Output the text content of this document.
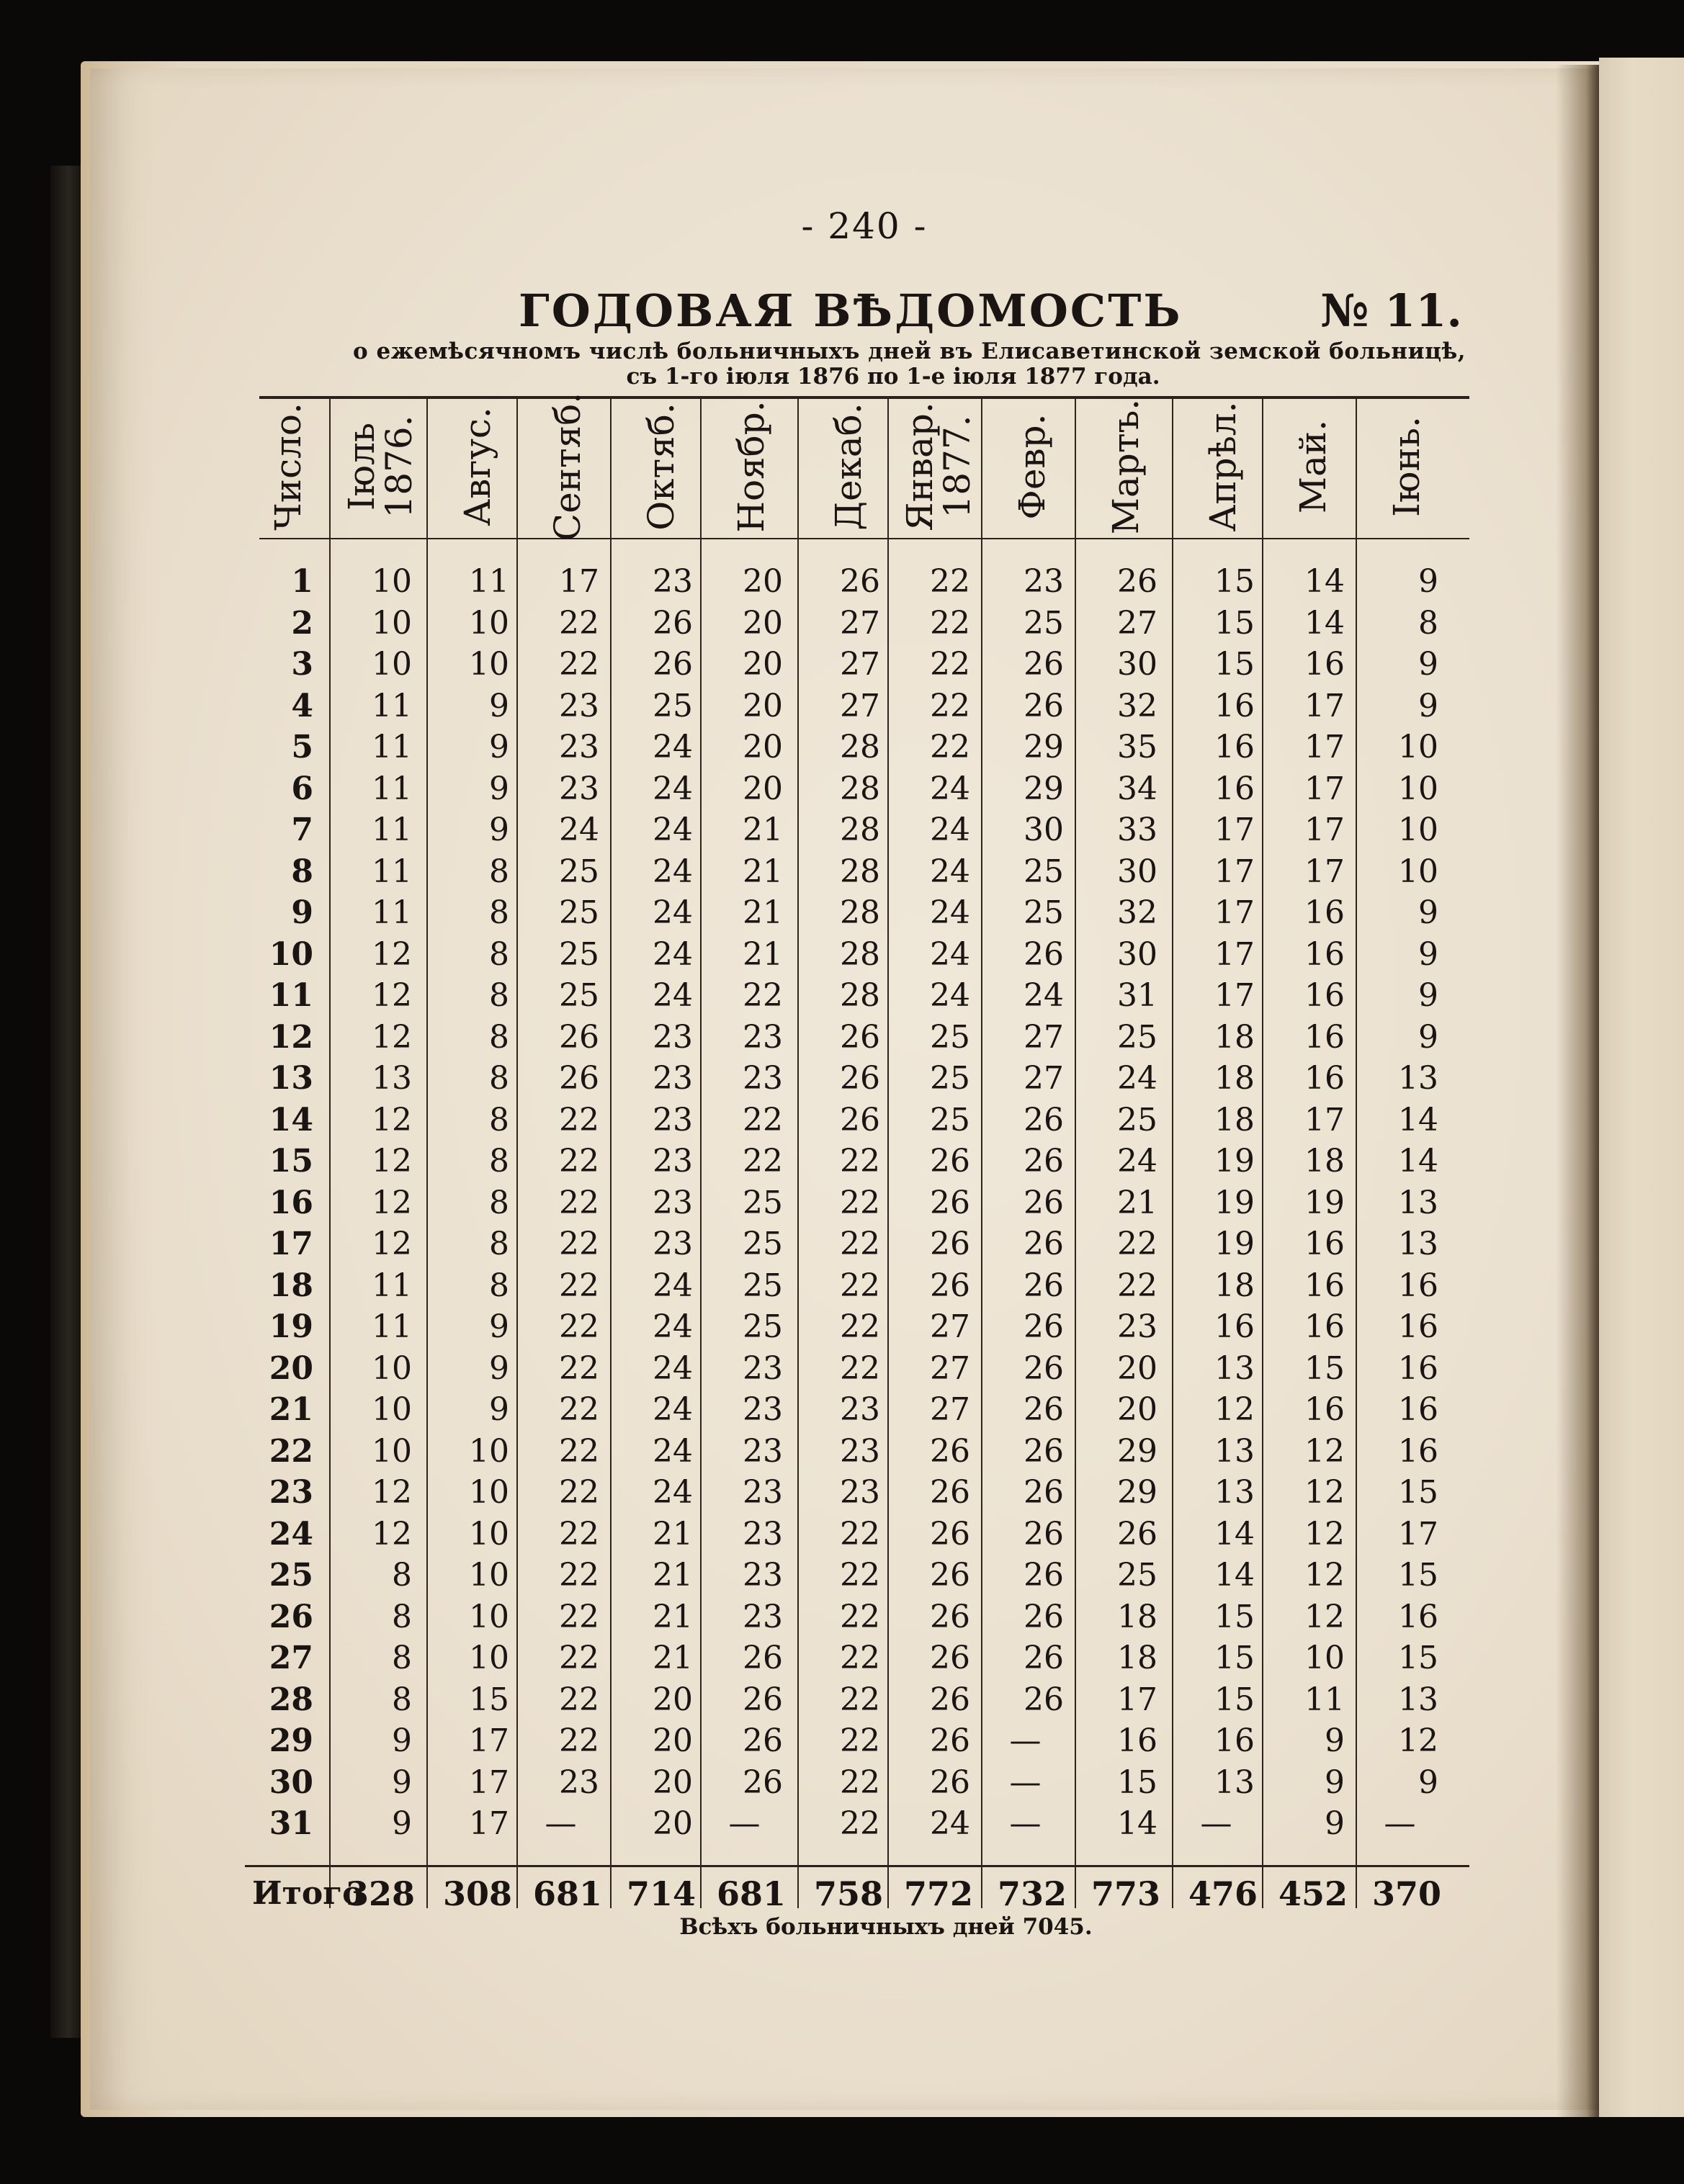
- 240 -
ГОДОВАЯ ВѢДОМОСТЬ	№ 11.
о ежемѣсячномъ числѣ больничныхъ дней въ Елисаветинской земской больницѣ,
съ 1-го іюля 1876 по 1-е іюля 1877 года.
Число. Іюль
1876. Авгус. Сентяб. Октяб. Ноябр. Декаб. Январ.
1877. Февр. Мартъ. Апрѣл. Май. Іюнь.
1
2
3
4
5
6
7
8
9
10
11
12
13
14
15
16
17
18
19
20
21
22
23
24
25
26
27
28
29
30
31
10
10
10
11
11
11
11
11
11
12
12
12
13
12
12
12
12
11
11
10
10
10
12
12
8
8
8
8
9
9
9
11
10
10
9
9
9
9
8
8
8
8
8
8
8
8
8
8
8
9
9
9
10
10
10
10
10
10
15
17
17
17
17
22
22
23
23
23
24
25
25
25
25
26
26
22
22
22
22
22
22
22
22
22
22
22
22
22
22
22
22
23
—
23
26
26
25
24
24
24
24
24
24
24
23
23
23
23
23
23
24
24
24
24
24
24
21
21
21
21
20
20
20
20
20
20
20
20
20
20
21
21
21
21
22
23
23
22
22
25
25
25
25
23
23
23
23
23
23
23
26
26
26
26
—
26
27
27
27
28
28
28
28
28
28
28
26
26
26
22
22
22
22
22
22
23
23
23
22
22
22
22
22
22
22
22
22
22
22
22
22
24
24
24
24
24
24
25
25
25
26
26
26
26
27
27
27
26
26
26
26
26
26
26
26
26
24
23
25
26
26
29
29
30
25
25
26
24
27
27
26
26
26
26
26
26
26
26
26
26
26
26
26
26
26
—
—
—
26
27
30
32
35
34
33
30
32
30
31
25
24
25
24
21
22
22
23
20
20
29
29
26
25
18
18
17
16
15
14
15
15
15
16
16
16
17
17
17
17
17
18
18
18
19
19
19
18
16
13
12
13
13
14
14
15
15
15
16
13
—
14
14
16
17
17
17
17
17
16
16
16
16
16
17
18
19
16
16
16
15
16
12
12
12
12
12
10
11
9
9
9
9
8
9
9
10
10
10
10
9
9
9
9
13
14
14
13
13
16
16
16
16
16
15
17
15
16
15
13
12
9
—
328 308 681 714 681 758 772 732 773 476 452 370
Итого
Всѣхъ больничныхъ дней 7045.
